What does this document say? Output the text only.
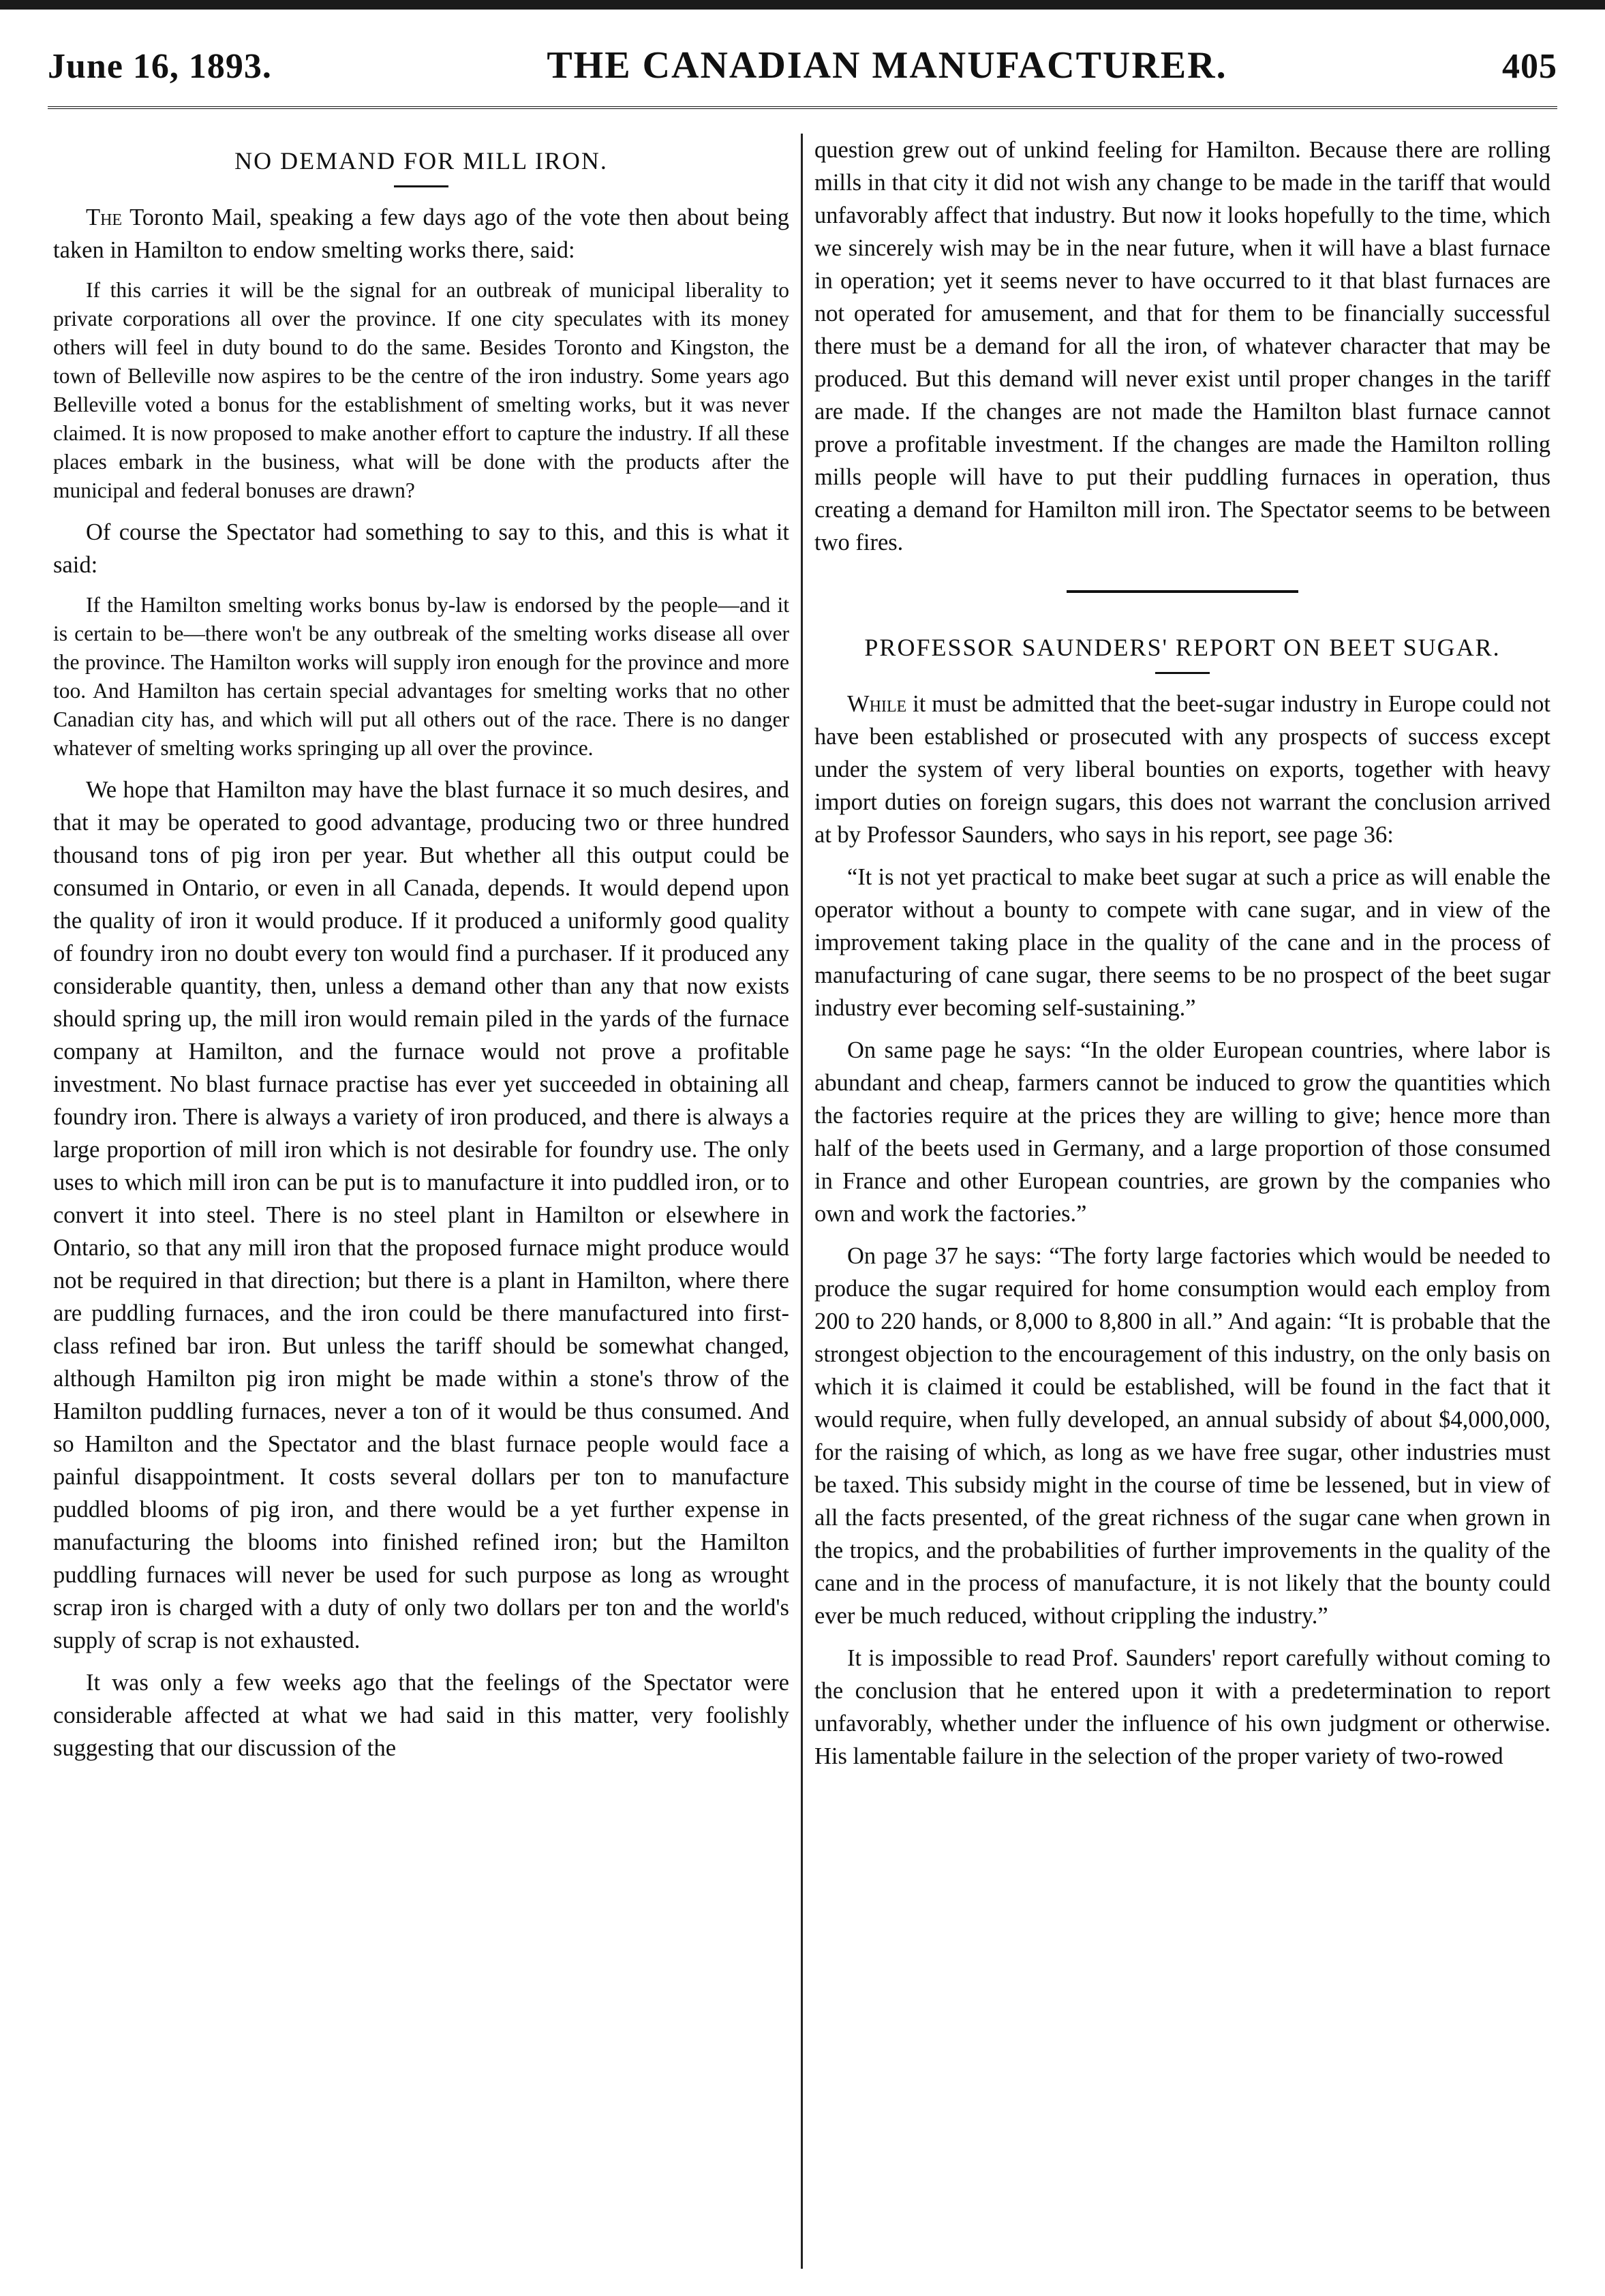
June 16, 1893.	THE CANADIAN MANUFACTURER.	405
NO DEMAND FOR MILL IRON.

The Toronto Mail, speaking a few days ago of the vote then about being taken in Hamilton to endow smelting works there, said:

If this carries it will be the signal for an outbreak of municipal liberality to private corporations all over the province. If one city speculates with its money others will feel in duty bound to do the same. Besides Toronto and Kingston, the town of Belleville now aspires to be the centre of the iron industry. Some years ago Belleville voted a bonus for the establishment of smelting works, but it was never claimed. It is now proposed to make another effort to capture the industry. If all these places embark in the business, what will be done with the products after the municipal and federal bonuses are drawn?

Of course the Spectator had something to say to this, and this is what it said:

If the Hamilton smelting works bonus by-law is endorsed by the people—and it is certain to be—there won't be any outbreak of the smelting works disease all over the province. The Hamilton works will supply iron enough for the province and more too. And Hamilton has certain special advantages for smelting works that no other Canadian city has, and which will put all others out of the race. There is no danger whatever of smelting works springing up all over the province.

We hope that Hamilton may have the blast furnace it so much desires, and that it may be operated to good advantage, producing two or three hundred thousand tons of pig iron per year. But whether all this output could be consumed in Ontario, or even in all Canada, depends. It would depend upon the quality of iron it would produce. If it produced a uniformly good quality of foundry iron no doubt every ton would find a purchaser. If it produced any considerable quantity, then, unless a demand other than any that now exists should spring up, the mill iron would remain piled in the yards of the furnace company at Hamilton, and the furnace would not prove a profitable investment. No blast furnace practise has ever yet succeeded in obtaining all foundry iron. There is always a variety of iron produced, and there is always a large proportion of mill iron which is not desirable for foundry use. The only uses to which mill iron can be put is to manufacture it into puddled iron, or to convert it into steel. There is no steel plant in Hamilton or elsewhere in Ontario, so that any mill iron that the proposed furnace might produce would not be required in that direction; but there is a plant in Hamilton, where there are puddling furnaces, and the iron could be there manufactured into first-class refined bar iron. But unless the tariff should be somewhat changed, although Hamilton pig iron might be made within a stone's throw of the Hamilton puddling furnaces, never a ton of it would be thus consumed. And so Hamilton and the Spectator and the blast furnace people would face a painful disappointment. It costs several dollars per ton to manufacture puddled blooms of pig iron, and there would be a yet further expense in manufacturing the blooms into finished refined iron; but the Hamilton puddling furnaces will never be used for such purpose as long as wrought scrap iron is charged with a duty of only two dollars per ton and the world's supply of scrap is not exhausted.

It was only a few weeks ago that the feelings of the Spectator were considerable affected at what we had said in this matter, very foolishly suggesting that our discussion of the

question grew out of unkind feeling for Hamilton. Because there are rolling mills in that city it did not wish any change to be made in the tariff that would unfavorably affect that industry. But now it looks hopefully to the time, which we sincerely wish may be in the near future, when it will have a blast furnace in operation; yet it seems never to have occurred to it that blast furnaces are not operated for amusement, and that for them to be financially successful there must be a demand for all the iron, of whatever character that may be produced. But this demand will never exist until proper changes in the tariff are made. If the changes are not made the Hamilton blast furnace cannot prove a profitable investment. If the changes are made the Hamilton rolling mills people will have to put their puddling furnaces in operation, thus creating a demand for Hamilton mill iron. The Spectator seems to be between two fires.

PROFESSOR SAUNDERS' REPORT ON BEET SUGAR.

While it must be admitted that the beet-sugar industry in Europe could not have been established or prosecuted with any prospects of success except under the system of very liberal bounties on exports, together with heavy import duties on foreign sugars, this does not warrant the conclusion arrived at by Professor Saunders, who says in his report, see page 36:

“It is not yet practical to make beet sugar at such a price as will enable the operator without a bounty to compete with cane sugar, and in view of the improvement taking place in the quality of the cane and in the process of manufacturing of cane sugar, there seems to be no prospect of the beet sugar industry ever becoming self-sustaining.”

On same page he says: “In the older European countries, where labor is abundant and cheap, farmers cannot be induced to grow the quantities which the factories require at the prices they are willing to give; hence more than half of the beets used in Germany, and a large proportion of those consumed in France and other European countries, are grown by the companies who own and work the factories.”

On page 37 he says: “The forty large factories which would be needed to produce the sugar required for home consumption would each employ from 200 to 220 hands, or 8,000 to 8,800 in all.” And again: “It is probable that the strongest objection to the encouragement of this industry, on the only basis on which it is claimed it could be established, will be found in the fact that it would require, when fully developed, an annual subsidy of about $4,000,000, for the raising of which, as long as we have free sugar, other industries must be taxed. This subsidy might in the course of time be lessened, but in view of all the facts presented, of the great richness of the sugar cane when grown in the tropics, and the probabilities of further improvements in the quality of the cane and in the process of manufacture, it is not likely that the bounty could ever be much reduced, without crippling the industry.”

It is impossible to read Prof. Saunders' report carefully without coming to the conclusion that he entered upon it with a predetermination to report unfavorably, whether under the influence of his own judgment or otherwise. His lamentable failure in the selection of the proper variety of two-rowed
